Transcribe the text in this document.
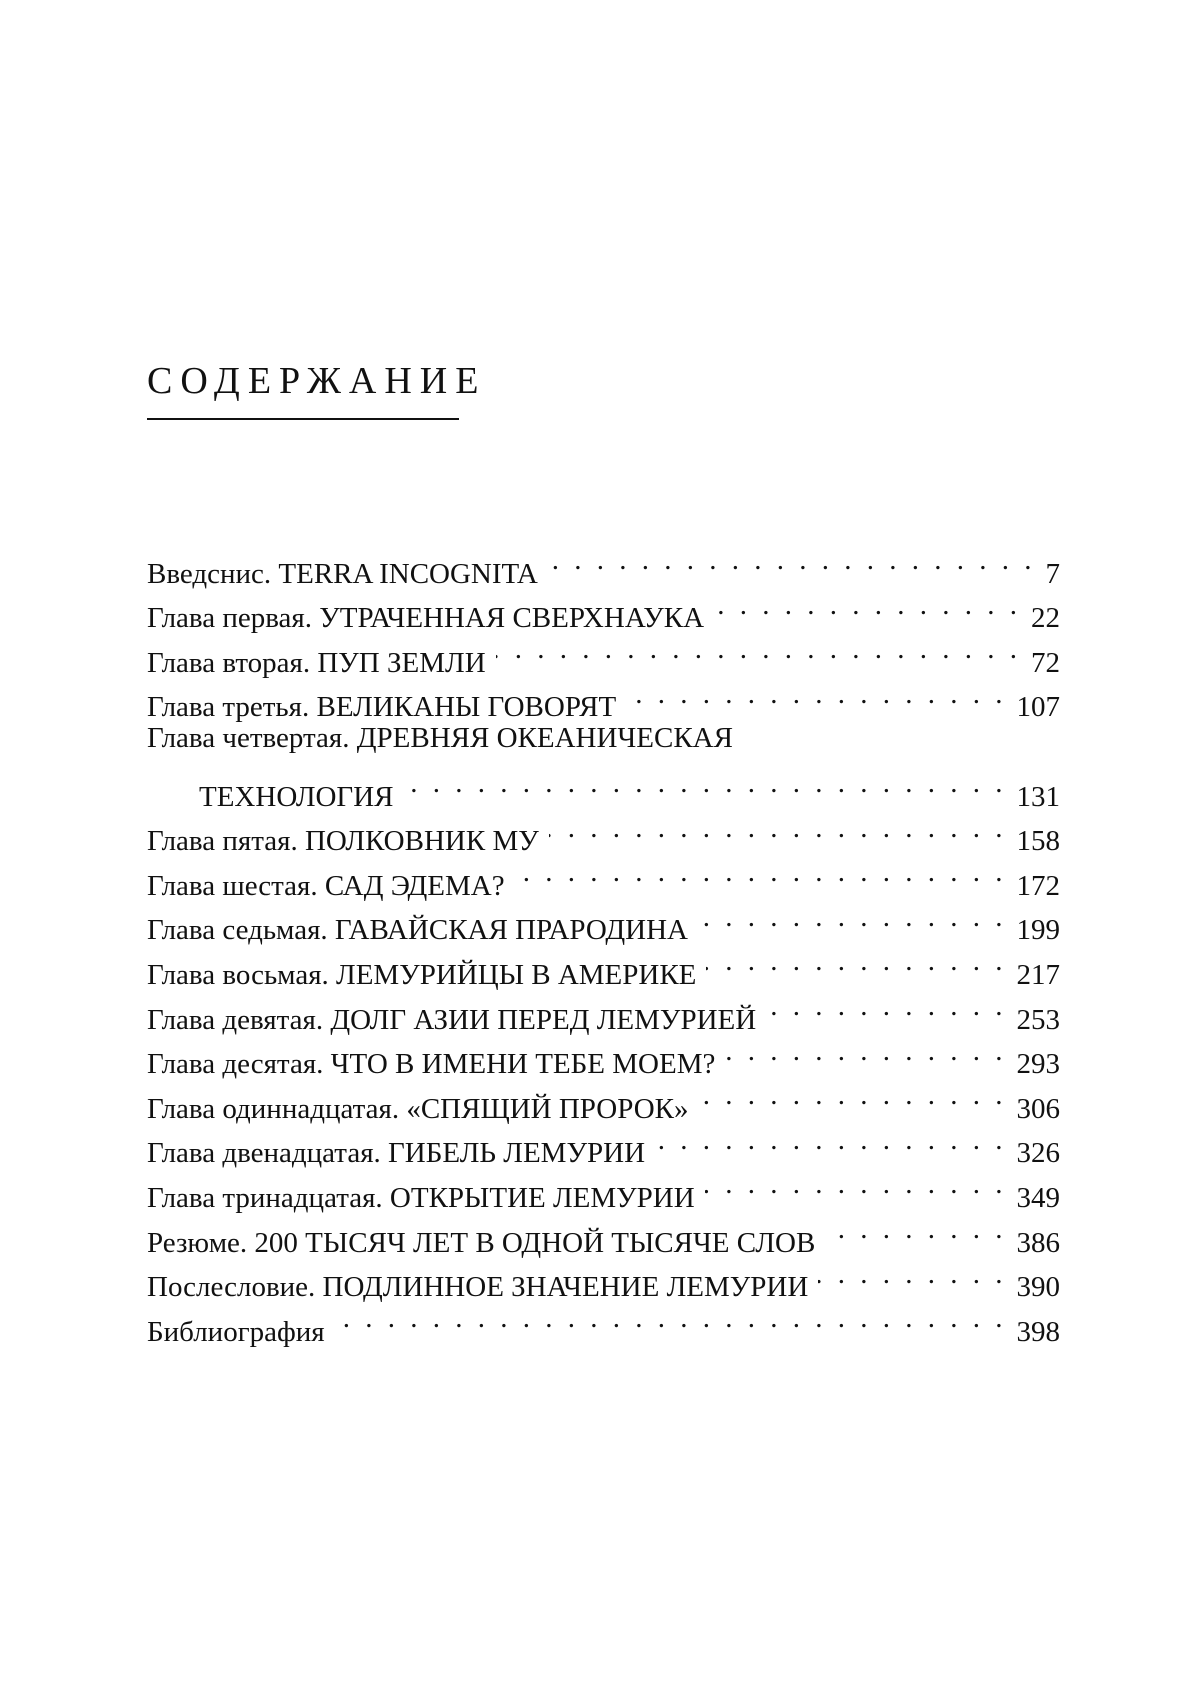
СОДЕРЖАНИЕ
Введснис. TERRA INCOGNITA . . .	7
Глава первая. УТРАЧЕННАЯ СВЕРХНАУКА . . .	22
Глава вторая. ПУП ЗЕМЛИ . . .	72
Глава третья. ВЕЛИКАНЫ ГОВОРЯТ . . .	107
Глава четвертая. ДРЕВНЯЯ ОКЕАНИЧЕСКАЯ
ТЕХНОЛОГИЯ . . .	131
Глава пятая. ПОЛКОВНИК МУ . . .	158
Глава шестая. САД ЭДЕМА? . . .	172
Глава седьмая. ГАВАЙСКАЯ ПРАРОДИНА . . .	199
Глава восьмая. ЛЕМУРИЙЦЫ В АМЕРИКЕ . . .	217
Глава девятая. ДОЛГ АЗИИ ПЕРЕД ЛЕМУРИЕЙ . . .	253
Глава десятая. ЧТО В ИМЕНИ ТЕБЕ МОЕМ? . . .	293
Глава одиннадцатая. «СПЯЩИЙ ПРОРОК» . . .	306
Глава двенадцатая. ГИБЕЛЬ ЛЕМУРИИ . . .	326
Глава тринадцатая. ОТКРЫТИЕ ЛЕМУРИИ . . .	349
Резюме. 200 ТЫСЯЧ ЛЕТ В ОДНОЙ ТЫСЯЧЕ СЛОВ . . .	386
Послесловие. ПОДЛИННОЕ ЗНАЧЕНИЕ ЛЕМУРИИ . . .	390
Библиография . . .	398
